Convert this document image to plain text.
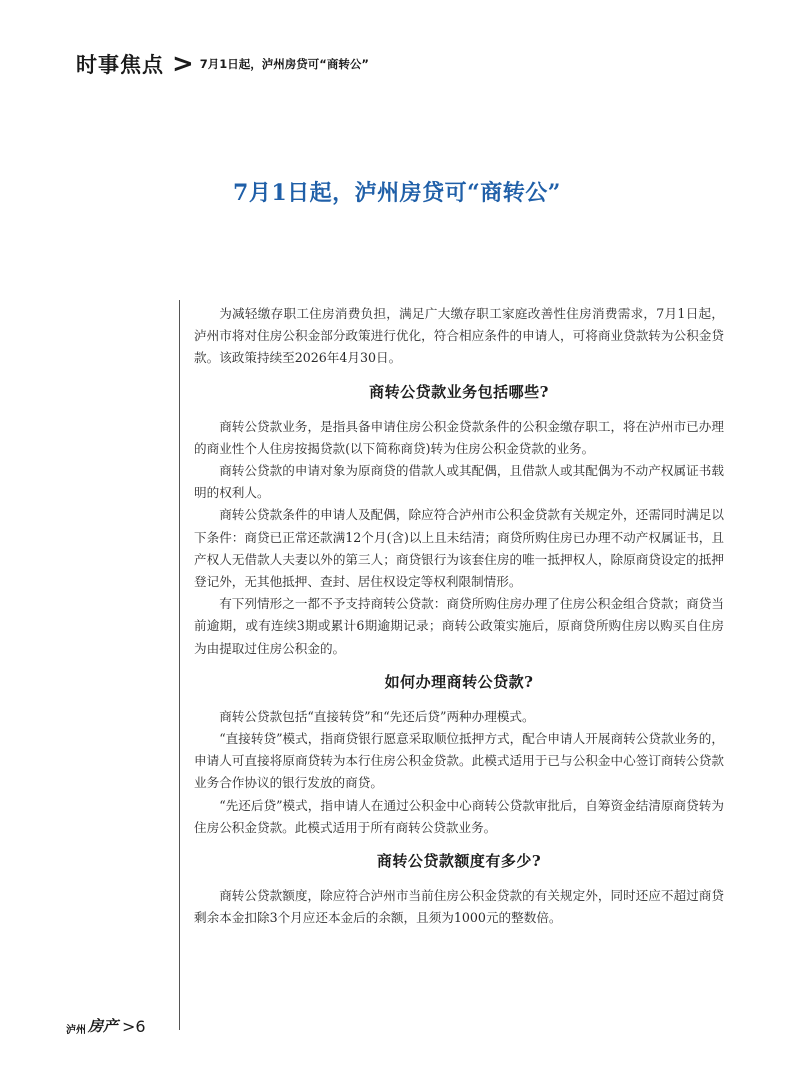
时事焦点 > 7月1日起，泸州房贷可“商转公”
7月1日起，泸州房贷可“商转公”

为减轻缴存职工住房消费负担，满足广大缴存职工家庭改善性住房消费需求，7月1日起，泸州市将对住房公积金部分政策进行优化，符合相应条件的申请人，可将商业贷款转为公积金贷款。该政策持续至2026年4月30日。

商转公贷款业务包括哪些?

商转公贷款业务，是指具备申请住房公积金贷款条件的公积金缴存职工，将在泸州市已办理的商业性个人住房按揭贷款(以下简称商贷)转为住房公积金贷款的业务。

商转公贷款的申请对象为原商贷的借款人或其配偶，且借款人或其配偶为不动产权属证书载明的权利人。

商转公贷款条件的申请人及配偶，除应符合泸州市公积金贷款有关规定外，还需同时满足以下条件：商贷已正常还款满12个月(含)以上且未结清；商贷所购住房已办理不动产权属证书，且产权人无借款人夫妻以外的第三人；商贷银行为该套住房的唯一抵押权人，除原商贷设定的抵押登记外，无其他抵押、查封、居住权设定等权利限制情形。

有下列情形之一都不予支持商转公贷款：商贷所购住房办理了住房公积金组合贷款；商贷当前逾期，或有连续3期或累计6期逾期记录；商转公政策实施后，原商贷所购住房以购买自住房为由提取过住房公积金的。

如何办理商转公贷款?

商转公贷款包括“直接转贷”和“先还后贷”两种办理模式。

“直接转贷”模式，指商贷银行愿意采取顺位抵押方式，配合申请人开展商转公贷款业务的，申请人可直接将原商贷转为本行住房公积金贷款。此模式适用于已与公积金中心签订商转公贷款业务合作协议的银行发放的商贷。

“先还后贷”模式，指申请人在通过公积金中心商转公贷款审批后，自筹资金结清原商贷转为住房公积金贷款。此模式适用于所有商转公贷款业务。

商转公贷款额度有多少?

商转公贷款额度，除应符合泸州市当前住房公积金贷款的有关规定外，同时还应不超过商贷剩余本金扣除3个月应还本金后的余额，且须为1000元的整数倍。

泸州 房产 >6
